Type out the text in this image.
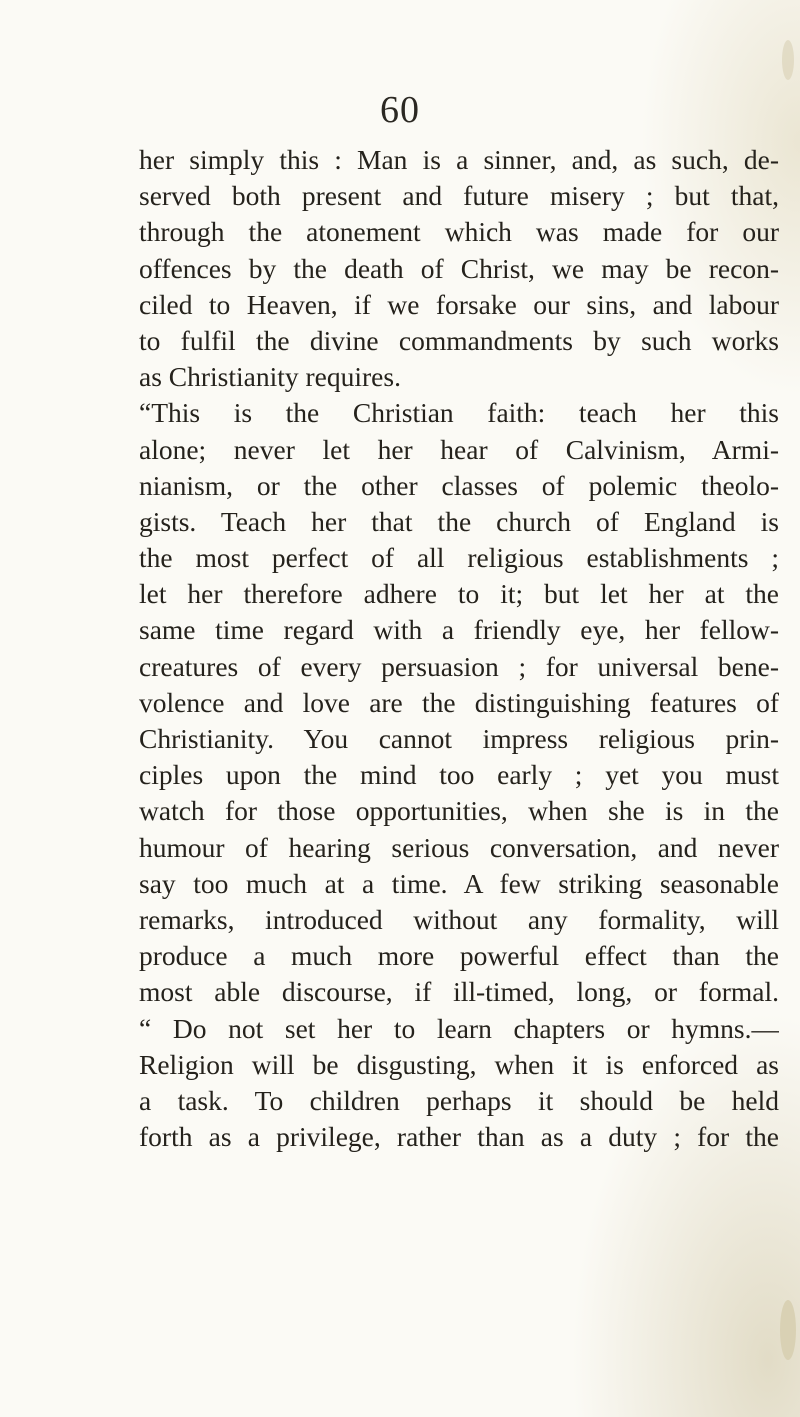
60
her simply this : Man is a sinner, and, as such, de-
served both present and future misery ; but that,
through the atonement which was made for our
offences by the death of Christ, we may be recon-
ciled to Heaven, if we forsake our sins, and labour
to fulfil the divine commandments by such works
as Christianity requires.
“This is the Christian faith: teach her this
alone; never let her hear of Calvinism, Armi-
nianism, or the other classes of polemic theolo-
gists. Teach her that the church of England is
the most perfect of all religious establishments ;
let her therefore adhere to it; but let her at the
same time regard with a friendly eye, her fellow-
creatures of every persuasion ; for universal bene-
volence and love are the distinguishing features of
Christianity. You cannot impress religious prin-
ciples upon the mind too early ; yet you must
watch for those opportunities, when she is in the
humour of hearing serious conversation, and never
say too much at a time. A few striking seasonable
remarks, introduced without any formality, will
produce a much more powerful effect than the
most able discourse, if ill-timed, long, or formal.
“ Do not set her to learn chapters or hymns.—
Religion will be disgusting, when it is enforced as
a task. To children perhaps it should be held
forth as a privilege, rather than as a duty ; for the
